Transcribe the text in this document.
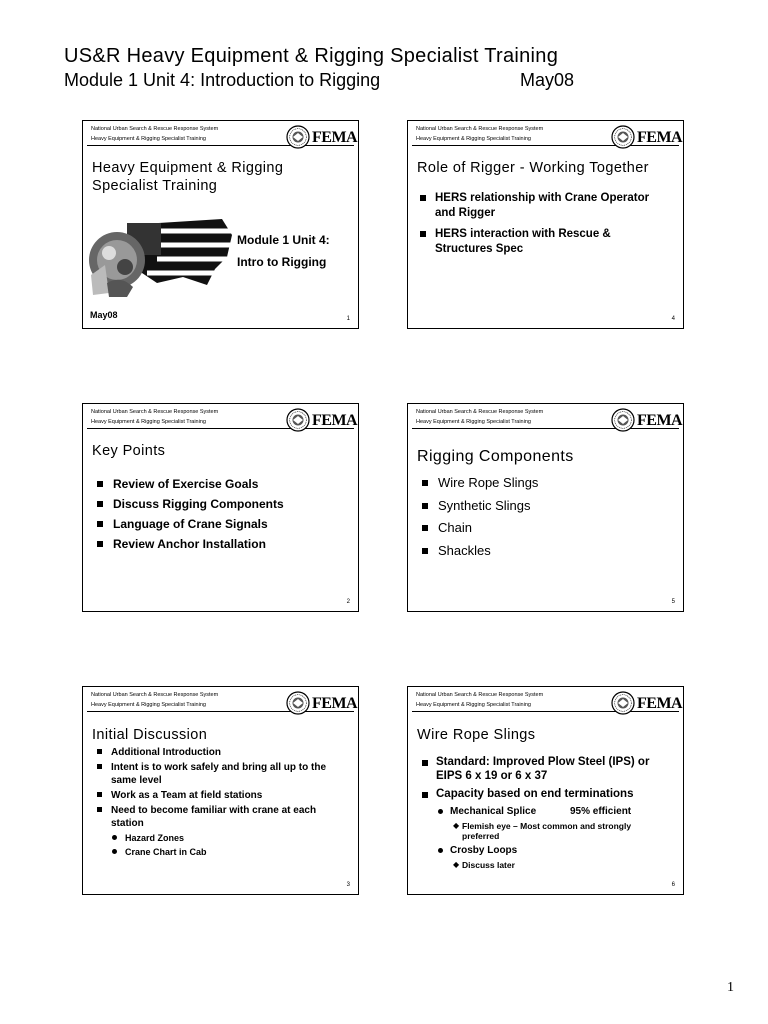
US&R Heavy Equipment & Rigging Specialist Training
Module 1 Unit 4: Introduction to Rigging	May08
National Urban Search & Rescue Response System
Heavy Equipment & Rigging Specialist Training	FEMA
Heavy Equipment & Rigging
Specialist Training
Module 1 Unit 4:
Intro to Rigging
May08	1
National Urban Search & Rescue Response System
Heavy Equipment & Rigging Specialist Training	FEMA
Role of Rigger - Working Together
HERS relationship with Crane Operator
and Rigger
HERS interaction with Rescue &
Structures Spec
4
National Urban Search & Rescue Response System
Heavy Equipment & Rigging Specialist Training	FEMA
Key Points
Review of Exercise Goals
Discuss Rigging Components
Language of Crane Signals
Review Anchor Installation
2
National Urban Search & Rescue Response System
Heavy Equipment & Rigging Specialist Training	FEMA
Rigging Components
Wire Rope Slings
Synthetic Slings
Chain
Shackles
5
National Urban Search & Rescue Response System
Heavy Equipment & Rigging Specialist Training	FEMA
Initial Discussion
Additional Introduction
Intent is to work safely and bring all up to the
same level
Work as a Team at field stations
Need to become familiar with crane at each
station
Hazard Zones
Crane Chart in Cab
3
National Urban Search & Rescue Response System
Heavy Equipment & Rigging Specialist Training	FEMA
Wire Rope Slings
Standard: Improved Plow Steel (IPS) or
EIPS 6 x 19 or 6 x 37
Capacity based on end terminations
Mechanical Splice	95% efficient
◆ Flemish eye – Most common and strongly
preferred
Crosby Loops
◆ Discuss later
6
1
